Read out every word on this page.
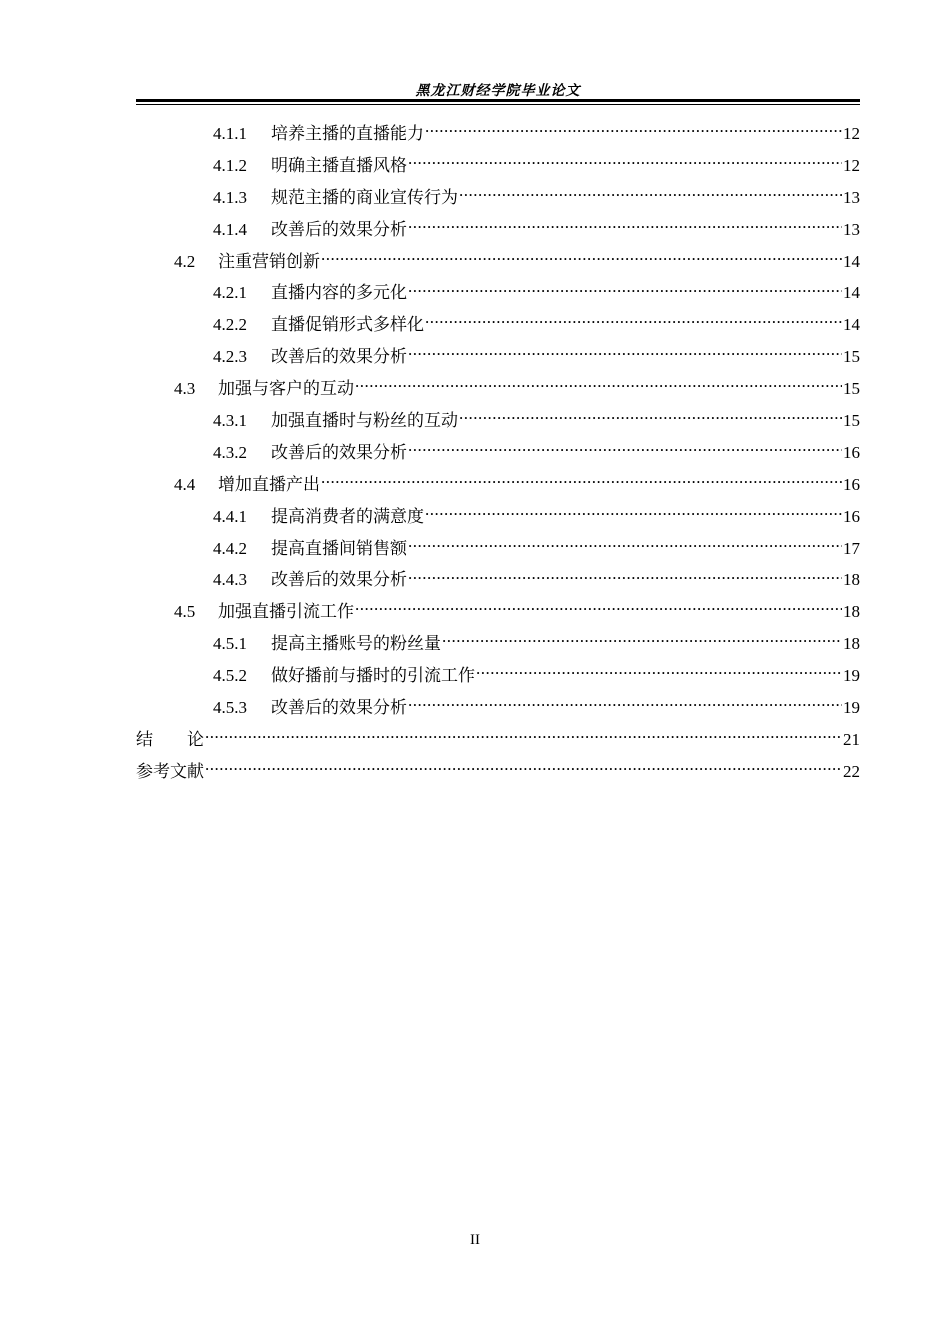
黑龙江财经学院毕业论文
4.1.1	培养主播的直播能力 .....	12
4.1.2	明确主播直播风格 .....	12
4.1.3	规范主播的商业宣传行为 .....	13
4.1.4	改善后的效果分析 .....	13
4.2	注重营销创新 .....	14
4.2.1	直播内容的多元化 .....	14
4.2.2	直播促销形式多样化 .....	14
4.2.3	改善后的效果分析 .....	15
4.3	加强与客户的互动 .....	15
4.3.1	加强直播时与粉丝的互动 .....	15
4.3.2	改善后的效果分析 .....	16
4.4	增加直播产出 .....	16
4.4.1	提高消费者的满意度 .....	16
4.4.2	提高直播间销售额 .....	17
4.4.3	改善后的效果分析 .....	18
4.5	加强直播引流工作 .....	18
4.5.1	提高主播账号的粉丝量 .....	18
4.5.2	做好播前与播时的引流工作 .....	19
4.5.3	改善后的效果分析 .....	19
结　　论 .....	21
参考文献 .....	22
II
